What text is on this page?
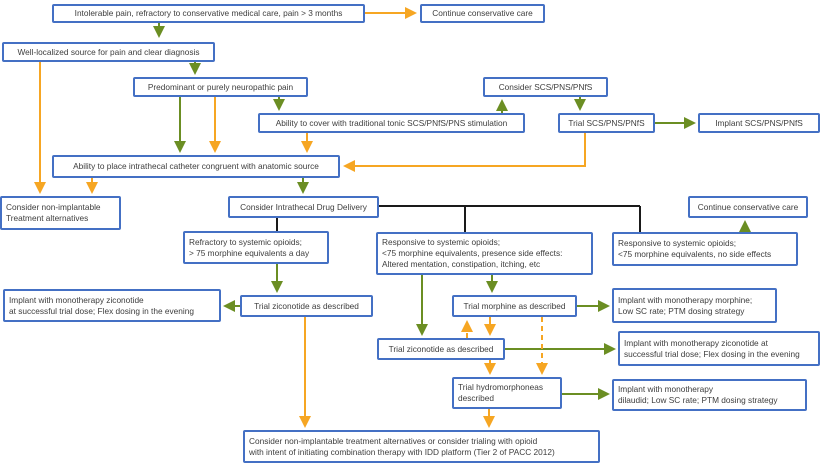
Intolerable pain, refractory to conservative medical care, pain > 3 months	Continue conservative care
Well-localized source for pain and clear diagnosis
Predominant or purely neuropathic pain	Consider SCS/PNS/PNfS
Ability to cover with traditional tonic SCS/PNfS/PNS stimulation	Trial SCS/PNS/PNfS	Implant SCS/PNS/PNfS
Ability to place intrathecal catheter congruent with anatomic source
Consider non-implantable
Treatment alternatives
Consider Intrathecal Drug Delivery	Continue conservative care
Refractory to systemic opioids;
> 75 morphine equivalents a day
Responsive to systemic opioids;
<75 morphine equivalents, presence side effects:
Altered mentation, constipation, itching, etc
Responsive to systemic opioids;
<75 morphine equivalents, no side effects
Implant with monotherapy ziconotide
at successful trial dose; Flex dosing in the evening	Trial ziconotide as described	Trial morphine as described
Implant with monotherapy morphine;
Low SC rate; PTM dosing strategy
Trial ziconotide as described
Implant with monotherapy ziconotide at
successful trial dose; Flex dosing in the evening
Trial hydromorphoneas
described
Implant with monotherapy
dilaudid; Low SC rate; PTM dosing strategy
Consider non-implantable treatment alternatives or consider trialing with opioid
with intent of initiating combination therapy with IDD platform (Tier 2 of PACC 2012)
